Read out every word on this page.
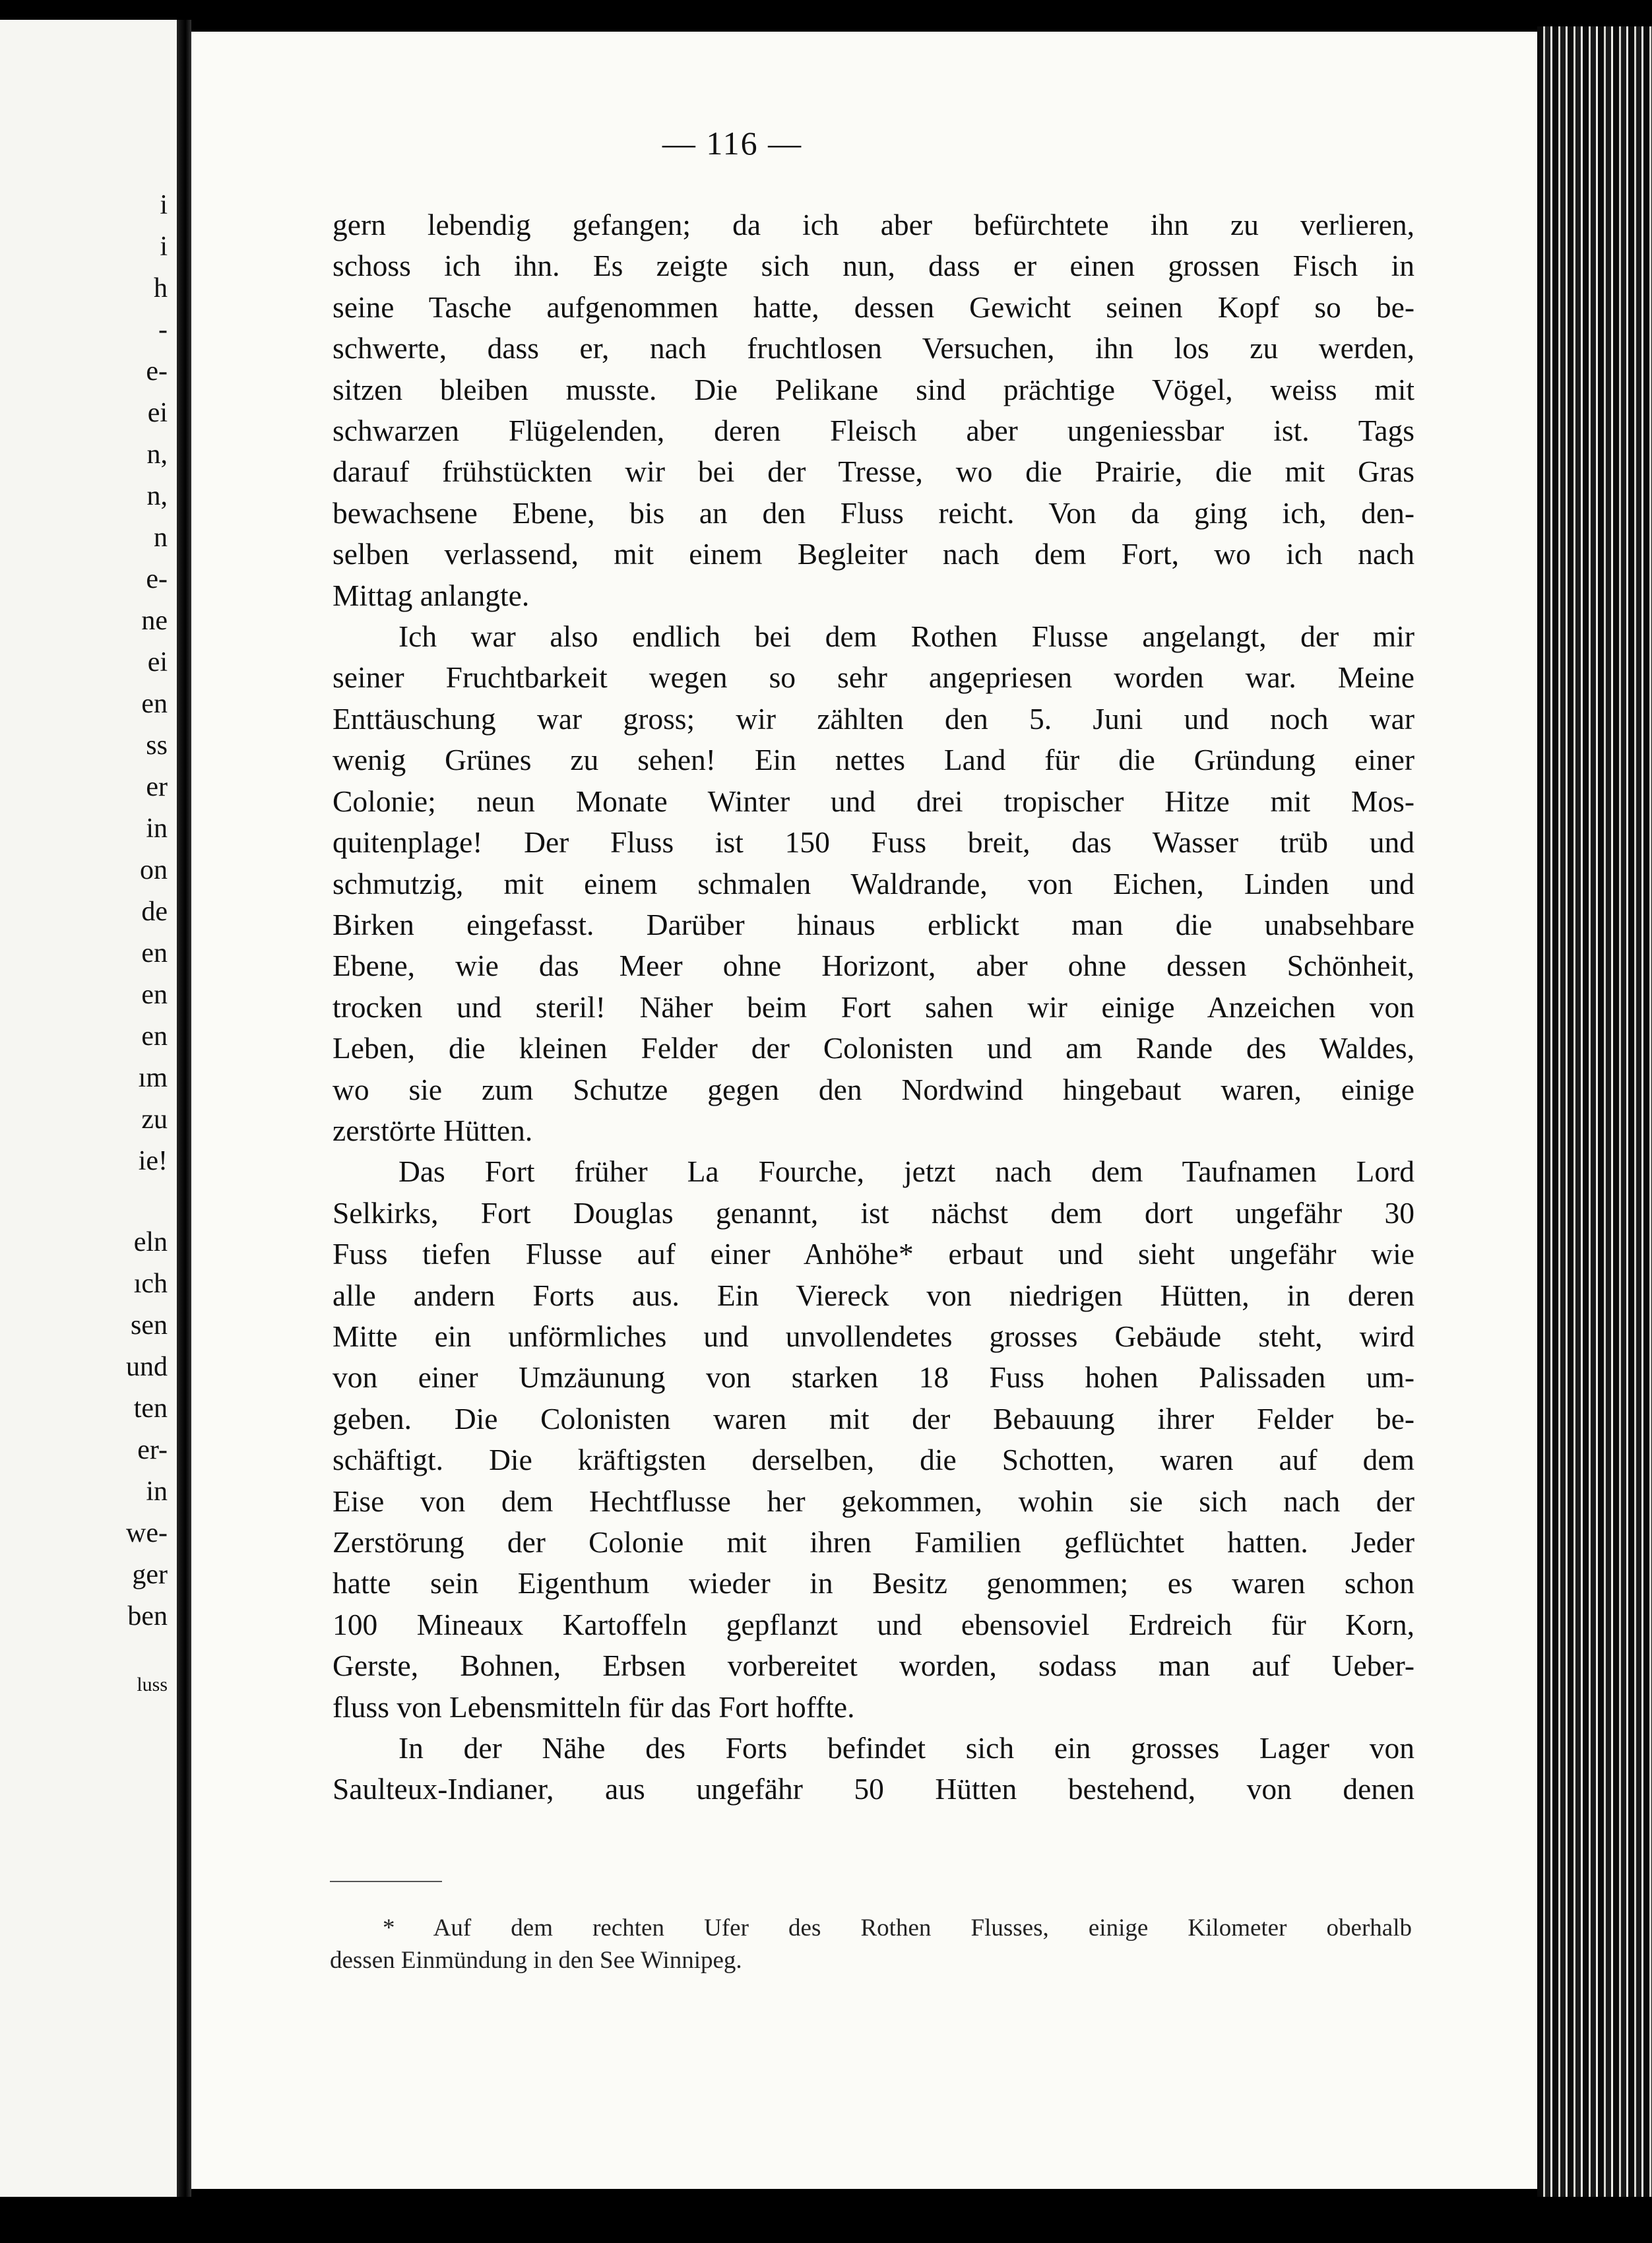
i
i
h
-
e-
ei
n,
n,
n
e-
ne
ei
en
ss
er
in
on
de
en
en
en
ım
zu
ie!
eln
ıch
sen
und
ten
er-
in
we-
ger
ben
luss
— 116 —
gern lebendig gefangen; da ich aber befürchtete ihn zu verlieren,
schoss ich ihn. Es zeigte sich nun, dass er einen grossen Fisch in
seine Tasche aufgenommen hatte, dessen Gewicht seinen Kopf so be-
schwerte, dass er, nach fruchtlosen Versuchen, ihn los zu werden,
sitzen bleiben musste. Die Pelikane sind prächtige Vögel, weiss mit
schwarzen Flügelenden, deren Fleisch aber ungeniessbar ist. Tags
darauf frühstückten wir bei der Tresse, wo die Prairie, die mit Gras
bewachsene Ebene, bis an den Fluss reicht. Von da ging ich, den-
selben verlassend, mit einem Begleiter nach dem Fort, wo ich nach
Mittag anlangte.
Ich war also endlich bei dem Rothen Flusse angelangt, der mir
seiner Fruchtbarkeit wegen so sehr angepriesen worden war. Meine
Enttäuschung war gross; wir zählten den 5. Juni und noch war
wenig Grünes zu sehen! Ein nettes Land für die Gründung einer
Colonie; neun Monate Winter und drei tropischer Hitze mit Mos-
quitenplage! Der Fluss ist 150 Fuss breit, das Wasser trüb und
schmutzig, mit einem schmalen Waldrande, von Eichen, Linden und
Birken eingefasst. Darüber hinaus erblickt man die unabsehbare
Ebene, wie das Meer ohne Horizont, aber ohne dessen Schönheit,
trocken und steril! Näher beim Fort sahen wir einige Anzeichen von
Leben, die kleinen Felder der Colonisten und am Rande des Waldes,
wo sie zum Schutze gegen den Nordwind hingebaut waren, einige
zerstörte Hütten.
Das Fort früher La Fourche, jetzt nach dem Taufnamen Lord
Selkirks, Fort Douglas genannt, ist nächst dem dort ungefähr 30
Fuss tiefen Flusse auf einer Anhöhe* erbaut und sieht ungefähr wie
alle andern Forts aus. Ein Viereck von niedrigen Hütten, in deren
Mitte ein unförmliches und unvollendetes grosses Gebäude steht, wird
von einer Umzäunung von starken 18 Fuss hohen Palissaden um-
geben. Die Colonisten waren mit der Bebauung ihrer Felder be-
schäftigt. Die kräftigsten derselben, die Schotten, waren auf dem
Eise von dem Hechtflusse her gekommen, wohin sie sich nach der
Zerstörung der Colonie mit ihren Familien geflüchtet hatten. Jeder
hatte sein Eigenthum wieder in Besitz genommen; es waren schon
100 Mineaux Kartoffeln gepflanzt und ebensoviel Erdreich für Korn,
Gerste, Bohnen, Erbsen vorbereitet worden, sodass man auf Ueber-
fluss von Lebensmitteln für das Fort hoffte.
In der Nähe des Forts befindet sich ein grosses Lager von
Saulteux-Indianer, aus ungefähr 50 Hütten bestehend, von denen
* Auf dem rechten Ufer des Rothen Flusses, einige Kilometer oberhalb
dessen Einmündung in den See Winnipeg.
